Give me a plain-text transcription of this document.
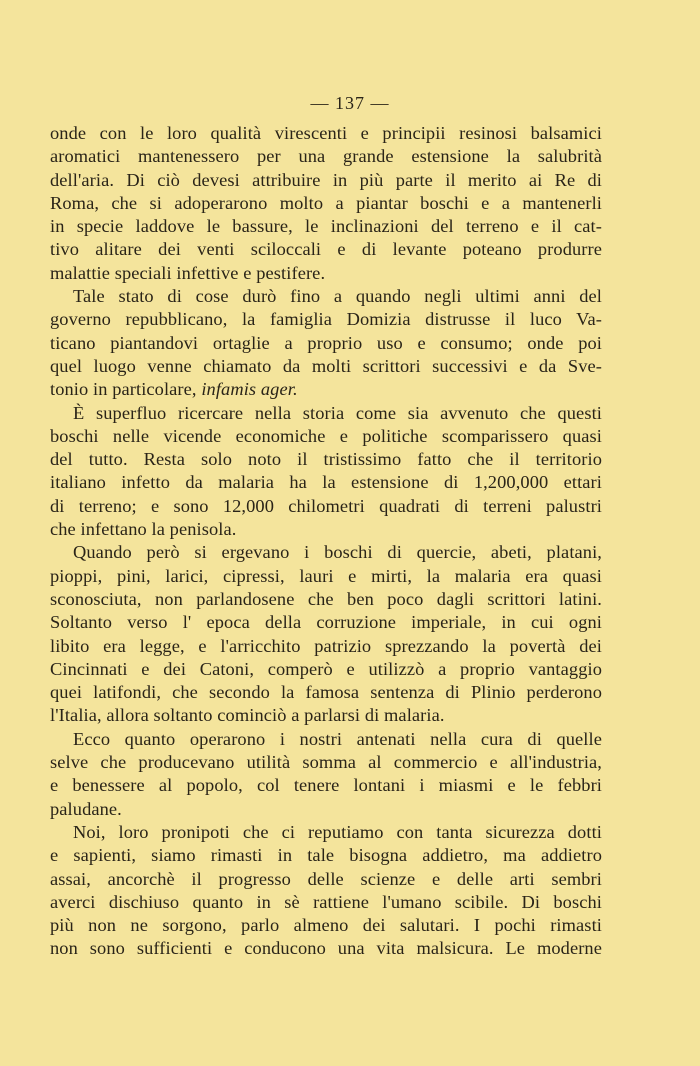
— 137 —
onde con le loro qualità virescenti e principii resinosi balsamici
aromatici mantenessero per una grande estensione la salubrità
dell'aria. Di ciò devesi attribuire in più parte il merito ai Re di
Roma, che si adoperarono molto a piantar boschi e a mantenerli
in specie laddove le bassure, le inclinazioni del terreno e il cat-
tivo alitare dei venti sciloccali e di levante poteano produrre
malattie speciali infettive e pestifere.
Tale stato di cose durò fino a quando negli ultimi anni del
governo repubblicano, la famiglia Domizia distrusse il luco Va-
ticano piantandovi ortaglie a proprio uso e consumo; onde poi
quel luogo venne chiamato da molti scrittori successivi e da Sve-
tonio in particolare, infamis ager.
È superfluo ricercare nella storia come sia avvenuto che questi
boschi nelle vicende economiche e politiche scomparissero quasi
del tutto. Resta solo noto il tristissimo fatto che il territorio
italiano infetto da malaria ha la estensione di 1,200,000 ettari
di terreno; e sono 12,000 chilometri quadrati di terreni palustri
che infettano la penisola.
Quando però si ergevano i boschi di quercie, abeti, platani,
pioppi, pini, larici, cipressi, lauri e mirti, la malaria era quasi
sconosciuta, non parlandosene che ben poco dagli scrittori latini.
Soltanto verso l' epoca della corruzione imperiale, in cui ogni
libito era legge, e l'arricchito patrizio sprezzando la povertà dei
Cincinnati e dei Catoni, comperò e utilizzò a proprio vantaggio
quei latifondi, che secondo la famosa sentenza di Plinio perderono
l'Italia, allora soltanto cominciò a parlarsi di malaria.
Ecco quanto operarono i nostri antenati nella cura di quelle
selve che producevano utilità somma al commercio e all'industria,
e benessere al popolo, col tenere lontani i miasmi e le febbri
paludane.
Noi, loro pronipoti che ci reputiamo con tanta sicurezza dotti
e sapienti, siamo rimasti in tale bisogna addietro, ma addietro
assai, ancorchè il progresso delle scienze e delle arti sembri
averci dischiuso quanto in sè rattiene l'umano scibile. Di boschi
più non ne sorgono, parlo almeno dei salutari. I pochi rimasti
non sono sufficienti e conducono una vita malsicura. Le moderne
